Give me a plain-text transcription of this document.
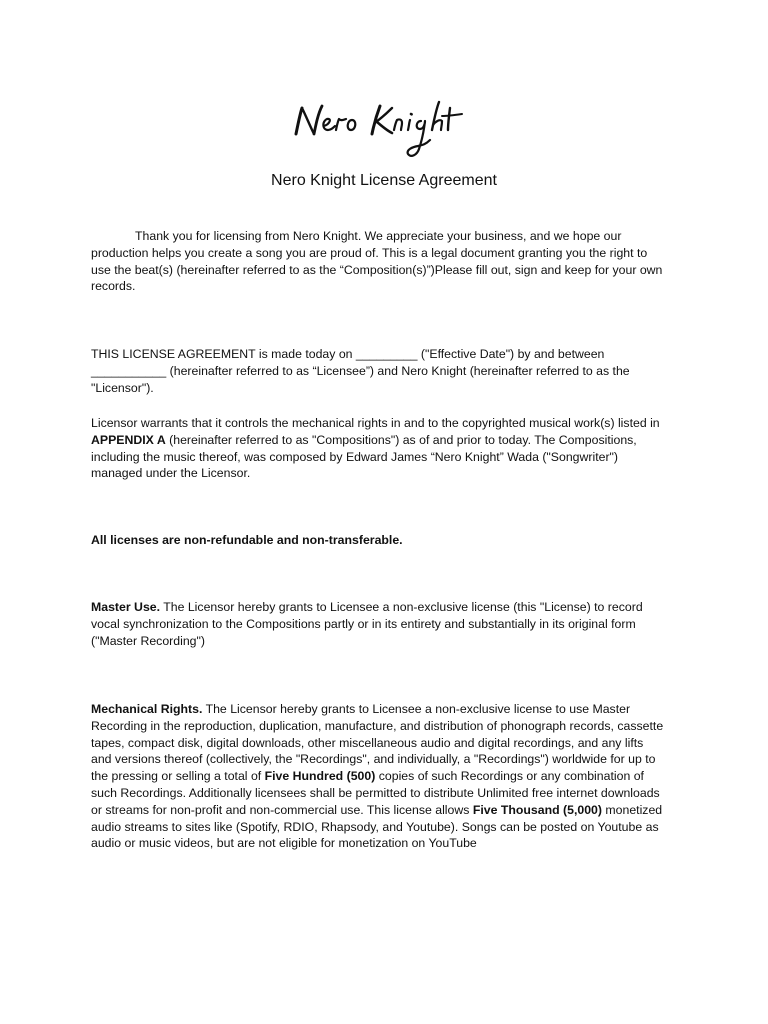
Nero Knight License Agreement
Thank you for licensing from Nero Knight. We appreciate your business, and we hope our
production helps you create a song you are proud of. This is a legal document granting you the right to
use the beat(s) (hereinafter referred to as the “Composition(s)”)Please fill out, sign and keep for your own
records.
THIS LICENSE AGREEMENT is made today on _________ ("Effective Date") by and between
___________ (hereinafter referred to as “Licensee”) and Nero Knight (hereinafter referred to as the
"Licensor").
Licensor warrants that it controls the mechanical rights in and to the copyrighted musical work(s) listed in
APPENDIX A (hereinafter referred to as "Compositions") as of and prior to today. The Compositions,
including the music thereof, was composed by Edward James “Nero Knight” Wada ("Songwriter")
managed under the Licensor.
All licenses are non-refundable and non-transferable.
Master Use. The Licensor hereby grants to Licensee a non-exclusive license (this "License) to record
vocal synchronization to the Compositions partly or in its entirety and substantially in its original form
("Master Recording")
Mechanical Rights. The Licensor hereby grants to Licensee a non-exclusive license to use Master
Recording in the reproduction, duplication, manufacture, and distribution of phonograph records, cassette
tapes, compact disk, digital downloads, other miscellaneous audio and digital recordings, and any lifts
and versions thereof (collectively, the "Recordings", and individually, a "Recordings") worldwide for up to
the pressing or selling a total of Five Hundred (500) copies of such Recordings or any combination of
such Recordings. Additionally licensees shall be permitted to distribute Unlimited free internet downloads
or streams for non-profit and non-commercial use. This license allows Five Thousand (5,000) monetized
audio streams to sites like (Spotify, RDIO, Rhapsody, and Youtube). Songs can be posted on Youtube as
audio or music videos, but are not eligible for monetization on YouTube
